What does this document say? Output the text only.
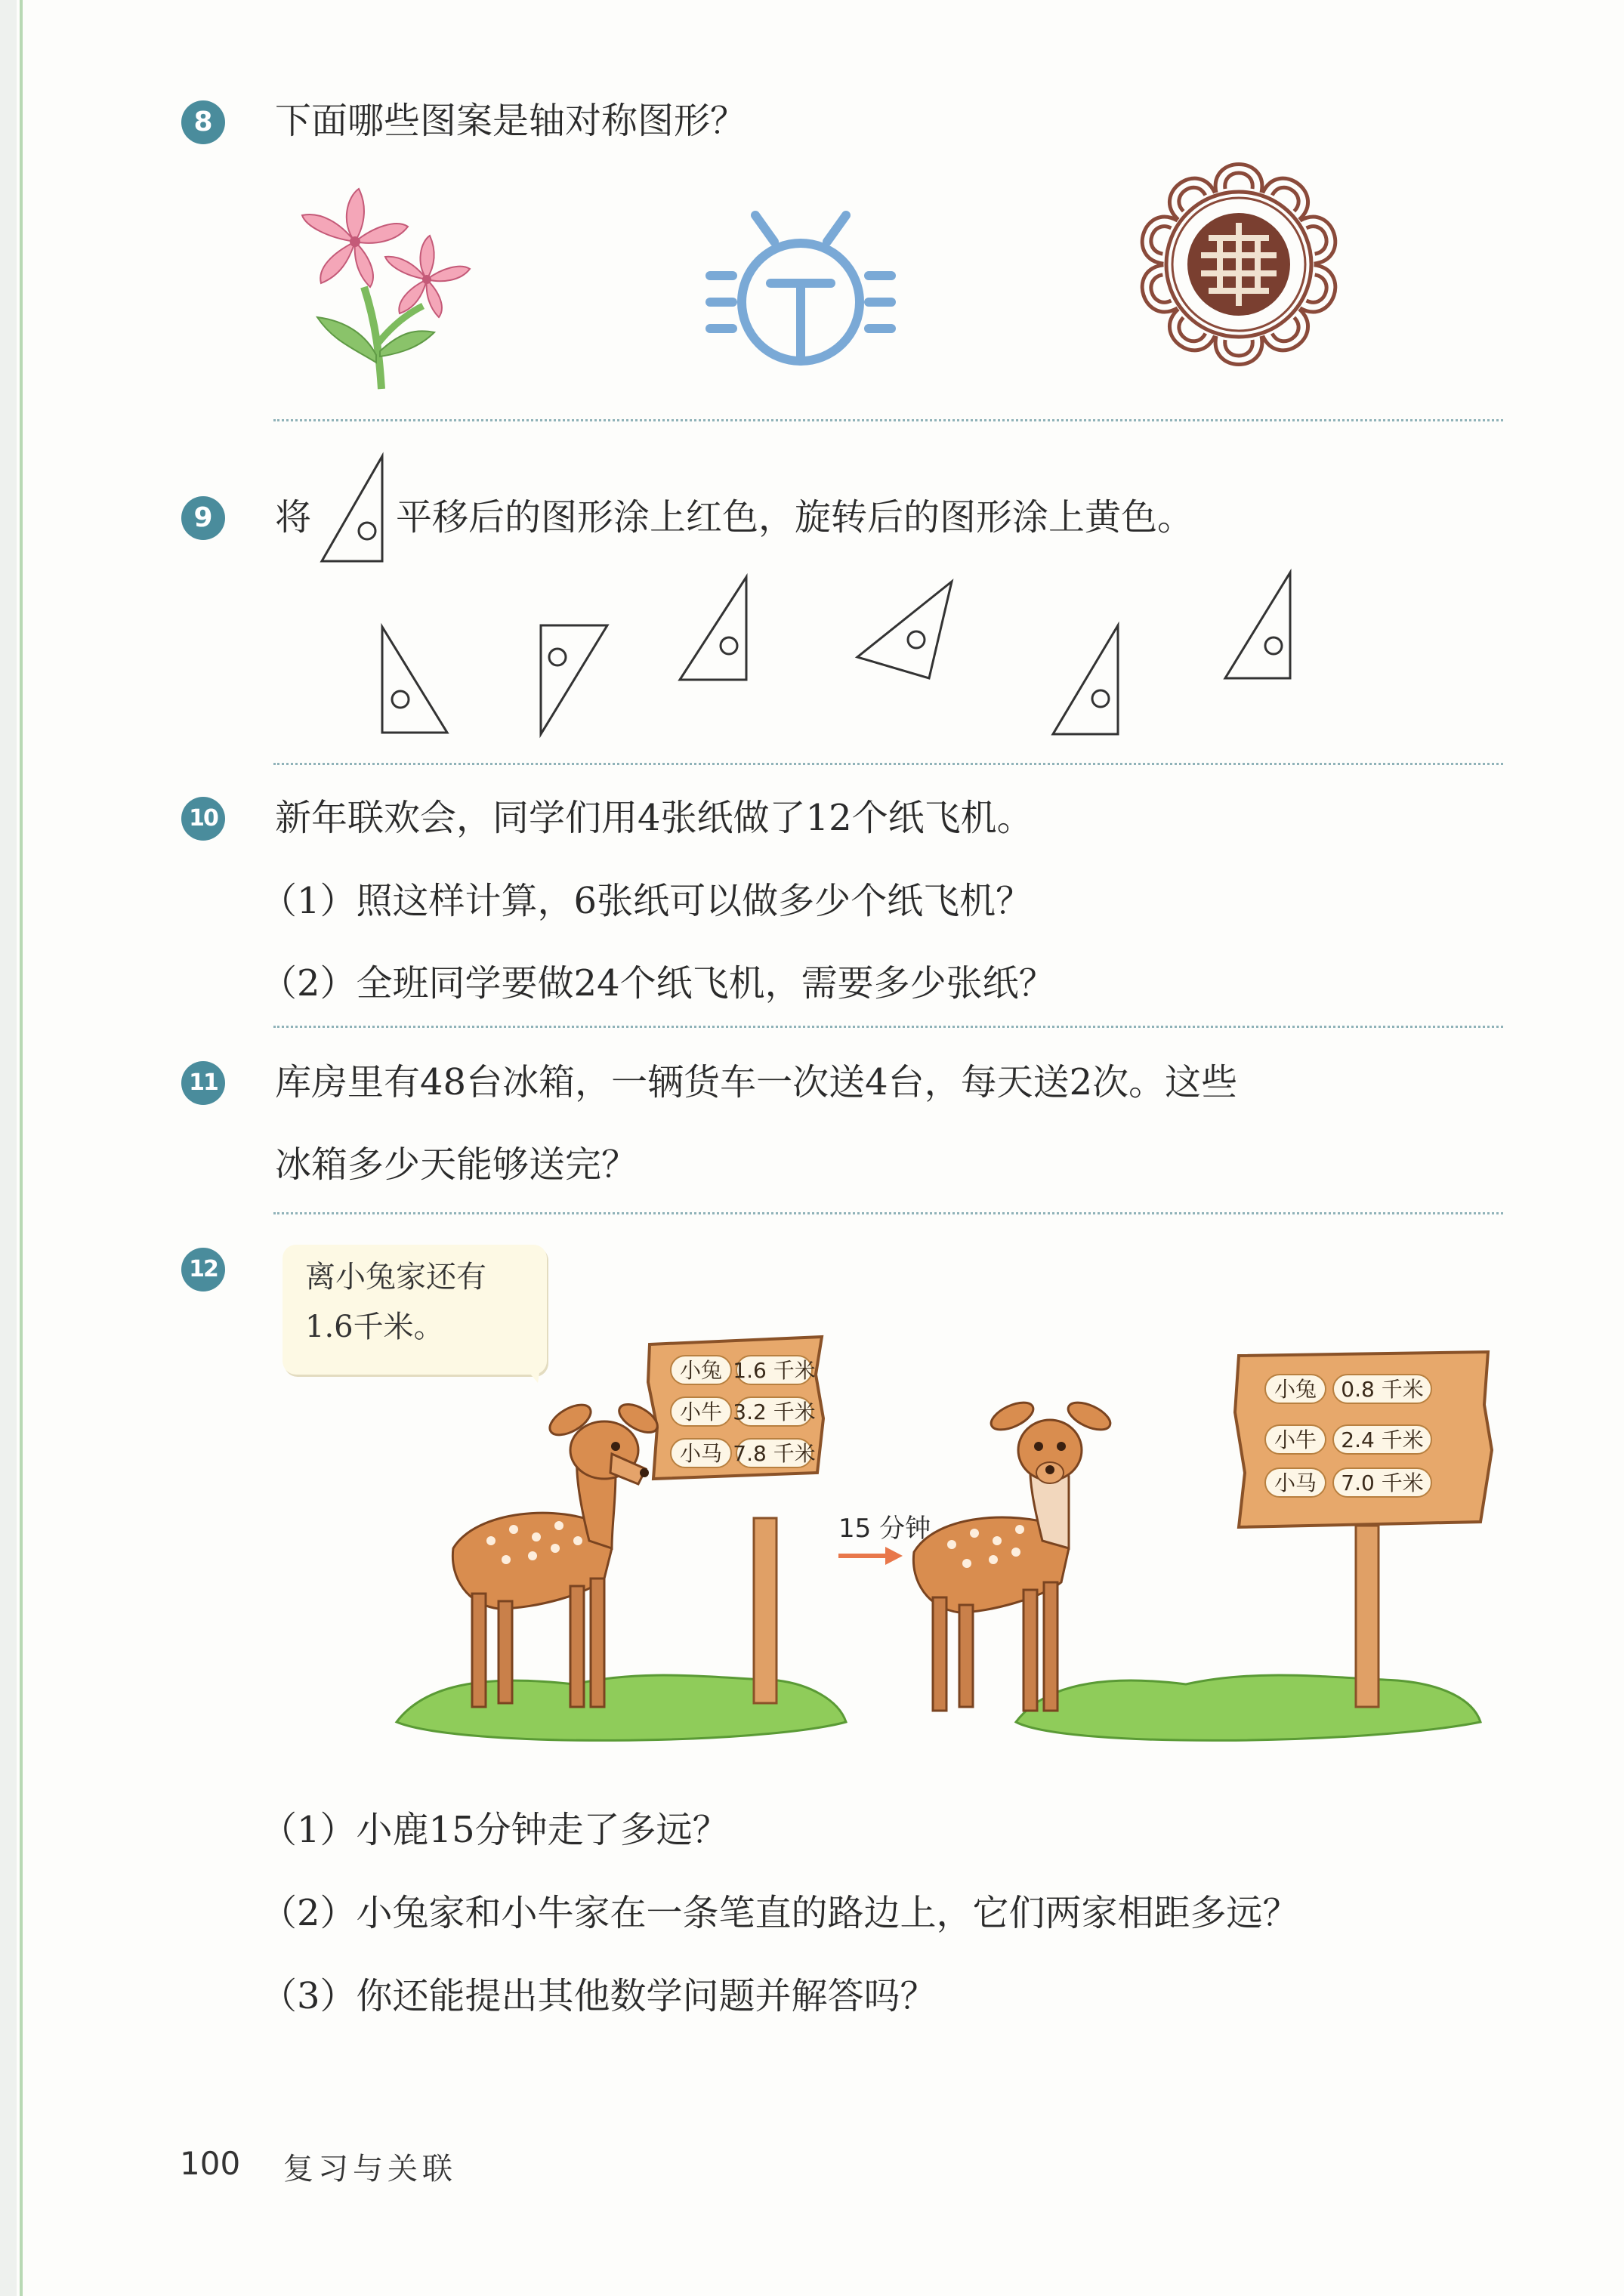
8	下面哪些图案是轴对称图形？
9	将 平移后的图形涂上红色，旋转后的图形涂上黄色。
10 新年联欢会，同学们用4张纸做了12个纸飞机。
（1）照这样计算，6张纸可以做多少个纸飞机？
（2）全班同学要做24个纸飞机，需要多少张纸？
11 库房里有48台冰箱，一辆货车一次送4台，每天送2次。这些
冰箱多少天能够送完？
12	离小兔家还有
1.6千米。
小兔 1.6 千米
小牛 3.2 千米
小马 7.8 千米
15 分钟
小兔 0.8 千米
小牛 2.4 千米
小马 7.0 千米
（1）小鹿15分钟走了多远？
（2）小兔家和小牛家在一条笔直的路边上，它们两家相距多远？
（3）你还能提出其他数学问题并解答吗？
100 复习与关联
